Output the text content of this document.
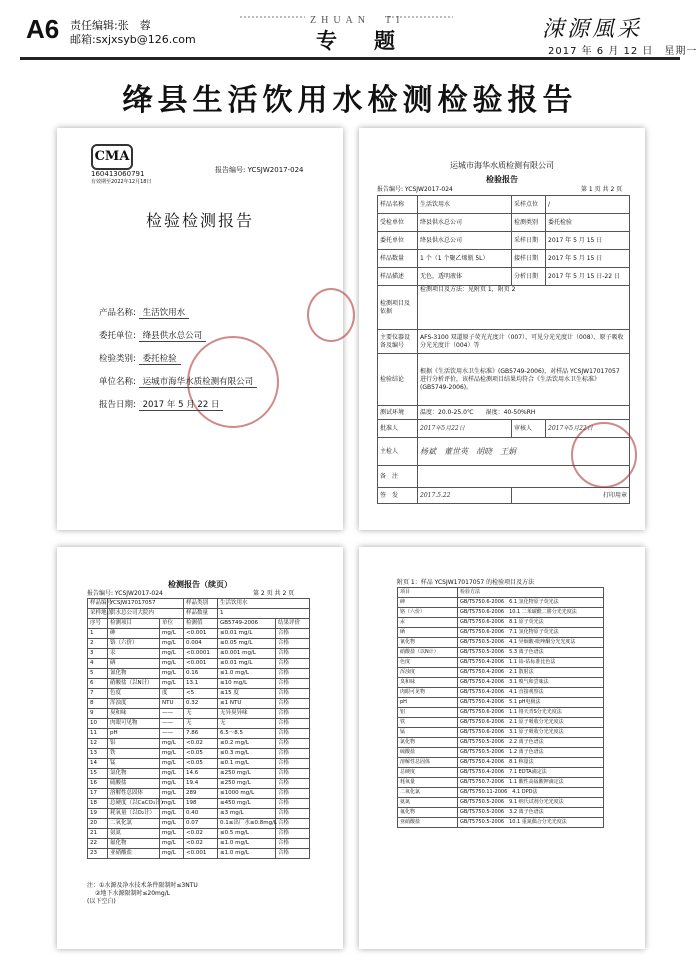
A6 责任编辑:张　蓉
邮箱:sxjxsyb@126.com
ZHUAN　TI
专　题	涑源風采
2017 年 6 月 12 日　星期一
绛县生活饮用水检测检验报告
CMA
160413060791
有效期至2022年12月18日
报告编号: YCSJW2017-024
检验检测报告
产品名称: 生活饮用水
委托单位: 绛县供水总公司
检验类别: 委托检验
单位名称: 运城市海华水质检测有限公司
报告日期: 2017 年 5 月 22 日
运城市海华水质检测有限公司
检验报告
报告编号: YCSJW2017-024	第 1 页 共 2 页
样品名称	生活饮用水	采样点位	/
受检单位	绛县供水总公司	检测类别	委托检验
委托单位	绛县供水总公司	采样日期	2017 年 5 月 15 日
样品数量	1 个（1 个聚乙烯瓶 5L）	接样日期	2017 年 5 月 15 日
样品描述	无色，透明液体	分析日期	2017 年 5 月 15 日-22 日
检测项目及依据	检测项目及方法：见附页 1，附页 2		
主要仪器设备及编号	AFS-3100 双道原子荧光光度计（007）、可见分光光度计（008）、原子吸收分光光度计（004）等		
检验结论	根据《生活饮用水卫生标准》(GB5749-2006)，对样品 YCSJW17017057 进行分析评价，该样品检测项目结果均符合《生活饮用水卫生标准》(GB5749-2006)。		
测试环境	温度：20.0-25.0℃　　湿度：40-50%RH		
批准人	2017年5月22日	审核人	2017年5月22日
主检人	杨斌　董世英　胡晓　王娟		
备　注			
签　发	2017.5.22	打印用章	
检测报告（续页）
报告编号: YCSJW2017-024	第 2 页 共 2 页
样品编号	YCSJW17017057		样品类别	生活饮用水	
采样地点	供水总公司大院内		样品数量	1	
序号	检测项目	单位	检测值	GB5749-2006	结果评价
1	砷	mg/L	<0.001	≤0.01 mg/L	合格
2	铬（六价）	mg/L	0.004	≤0.05 mg/L	合格
3	汞	mg/L	<0.0001	≤0.001 mg/L	合格
4	硒	mg/L	<0.001	≤0.01 mg/L	合格
5	氰化物	mg/L	0.16	≤1.0 mg/L	合格
6	硝酸盐（以N计）	mg/L	13.1	≤10 mg/L	合格
7	色度	度	<5	≤15 度	合格
8	浑浊度	NTU	0.32	≤1 NTU	合格
9	臭和味	——	无	无异臭异味	合格
10	肉眼可见物	——	无	无	合格
11	pH	——	7.86	6.5～8.5	合格
12	铝	mg/L	<0.02	≤0.2 mg/L	合格
13	铁	mg/L	<0.05	≤0.3 mg/L	合格
14	锰	mg/L	<0.05	≤0.1 mg/L	合格
15	氯化物	mg/L	14.6	≤250 mg/L	合格
16	硫酸盐	mg/L	19.4	≤250 mg/L	合格
17	溶解性总固体	mg/L	289	≤1000 mg/L	合格
18	总硬度（以CaCO₃计）	mg/L	198	≤450 mg/L	合格
19	耗氧量（以O₂计）	mg/L	0.40	≤3 mg/L	合格
20	二氧化氯	mg/L	0.07	0.1≤出厂水≤0.8mg/L	合格
21	氨氮	mg/L	<0.02	≤0.5 mg/L	合格
22	氟化物	mg/L	<0.02	≤1.0 mg/L	合格
23	亚硝酸盐	mg/L	<0.001	≤1.0 mg/L	合格
注：①水源及净水技术条件限制时≤3NTU
②地下水源限制时≤20mg/L
(以下空白)
附页 1：样品 YCSJW17017057 的检验项目及方法
项目	检验方法
砷	GB/T5750.6-2006　6.1 氢化物原子荧光法
铬（六价）	GB/T5750.6-2006　10.1 二苯碳酰二肼分光光度法
汞	GB/T5750.6-2006　8.1 原子荧光法
硒	GB/T5750.6-2006　7.1 氢化物原子荧光法
氰化物	GB/T5750.5-2006　4.1 异烟酸-吡唑酮分光光度法
硝酸盐（以N计）	GB/T5750.5-2006　5.3 离子色谱法
色度	GB/T5750.4-2006　1.1 铂-钴标准比色法
浑浊度	GB/T5750.4-2006　2.1 散射法
臭和味	GB/T5750.4-2006　3.1 嗅气和尝味法
肉眼可见物	GB/T5750.4-2006　4.1 直接观察法
pH	GB/T5750.4-2006　5.1 pH电极法
铝	GB/T5750.6-2006　1.1 铬天青S分光光度法
铁	GB/T5750.6-2006　2.1 原子吸收分光光度法
锰	GB/T5750.6-2006　3.1 原子吸收分光光度法
氯化物	GB/T5750.5-2006　2.2 离子色谱法
硫酸盐	GB/T5750.5-2006　1.2 离子色谱法
溶解性总固体	GB/T5750.4-2006　8.1 称量法
总硬度	GB/T5750.4-2006　7.1 EDTA滴定法
耗氧量	GB/T5750.7-2006　1.1 酸性高锰酸钾滴定法
二氧化氯	GB/T5750.11-2006　4.1 DPD法
氨氮	GB/T5750.5-2006　9.1 纳氏试剂分光光度法
氟化物	GB/T5750.5-2006　3.2 离子色谱法
亚硝酸盐	GB/T5750.5-2006　10.1 重氮偶合分光光度法
